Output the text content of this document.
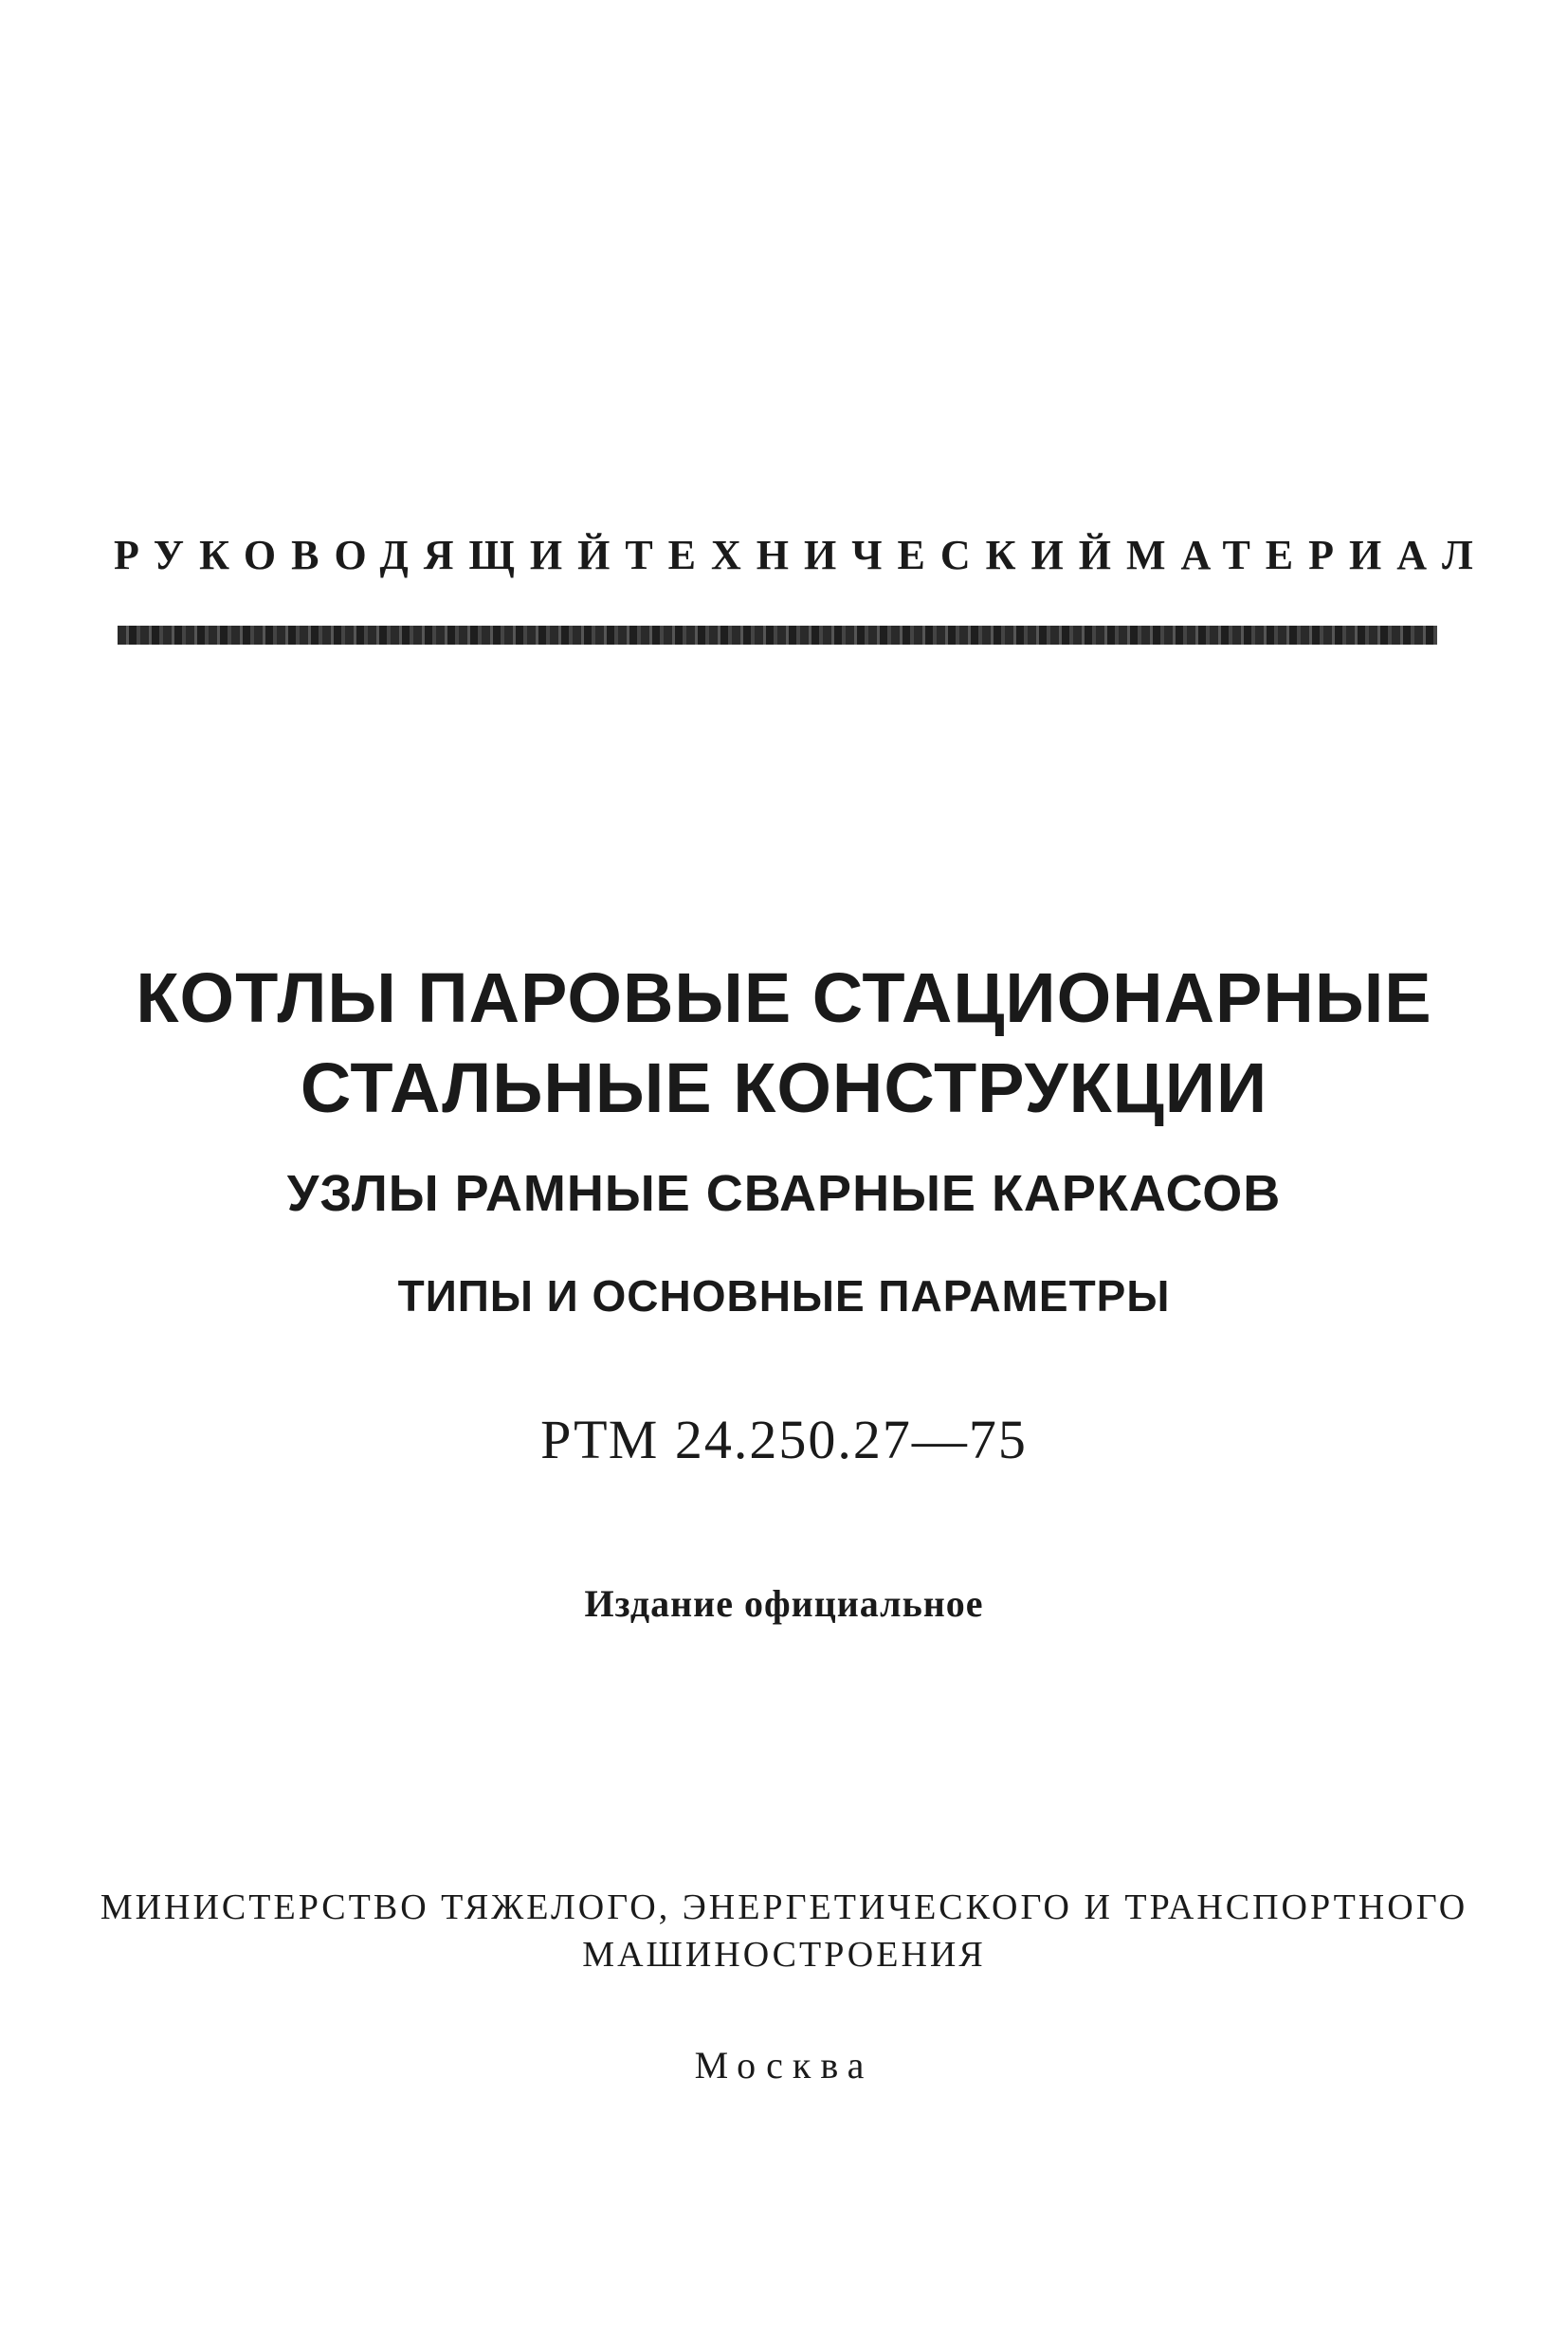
РУКОВОДЯЩИЙ ТЕХНИЧЕСКИЙ МАТЕРИАЛ
КОТЛЫ ПАРОВЫЕ СТАЦИОНАРНЫЕ
СТАЛЬНЫЕ КОНСТРУКЦИИ
УЗЛЫ РАМНЫЕ СВАРНЫЕ КАРКАСОВ
ТИПЫ И ОСНОВНЫЕ ПАРАМЕТРЫ
РТМ 24.250.27—75
Издание официальное
МИНИСТЕРСТВО ТЯЖЕЛОГО, ЭНЕРГЕТИЧЕСКОГО И ТРАНСПОРТНОГО
МАШИНОСТРОЕНИЯ
Москва
